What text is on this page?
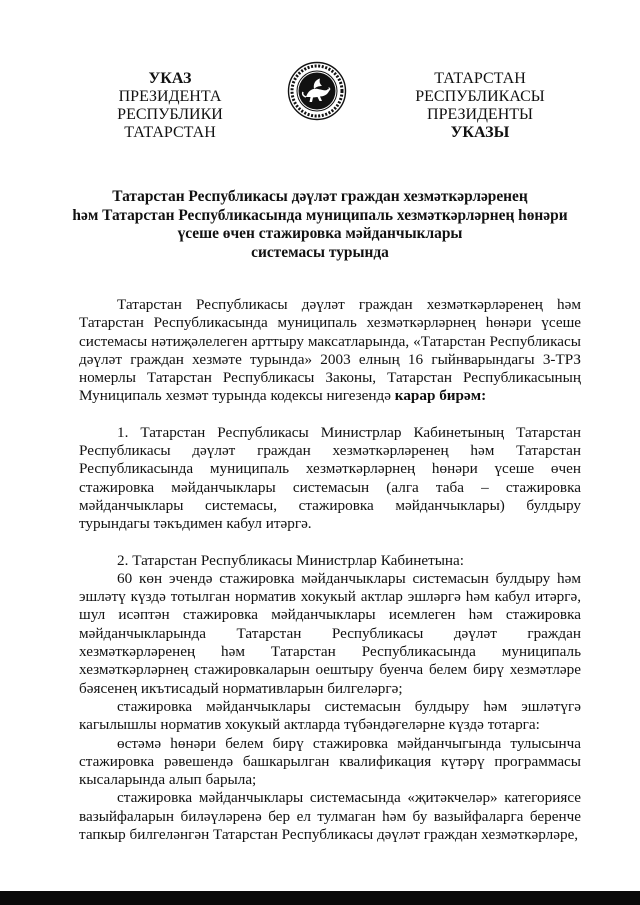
УКАЗ
ПРЕЗИДЕНТА
РЕСПУБЛИКИ ТАТАРСТАН
ТАТАРСТАН РЕСПУБЛИКАСЫ
ПРЕЗИДЕНТЫ
УКАЗЫ
Татарстан Республикасы дәүләт граждан хезмәткәрләренең
һәм Татарстан Республикасында муниципаль хезмәткәрләрнең һөнәри
үсеше өчен стажировка мәйданчыклары
системасы турында

Татарстан Республикасы дәүләт граждан хезмәткәрләренең һәм Татарстан Республикасында муниципаль хезмәткәрләрнең һөнәри үсеше системасы нәтиҗәлелеген арттыру максатларында, «Татарстан Республикасы дәүләт граждан хезмәте турында» 2003 елның 16 гыйнварындагы 3-ТРЗ номерлы Татарстан Республикасы Законы, Татарстан Республикасының Муниципаль хезмәт турында кодексы нигезендә карар бирәм:

1. Татарстан Республикасы Министрлар Кабинетының Татарстан Республикасы дәүләт граждан хезмәткәрләренең һәм Татарстан Республикасында муниципаль хезмәткәрләрнең һөнәри үсеше өчен стажировка мәйданчыклары системасын (алга таба – стажировка мәйданчыклары системасы, стажировка мәйданчыклары) булдыру турындагы тәкъдимен кабул итәргә.

2. Татарстан Республикасы Министрлар Кабинетына:

60 көн эчендә стажировка мәйданчыклары системасын булдыру һәм эшләтү күздә тотылган норматив хокукый актлар эшләргә һәм кабул итәргә, шул исәптән стажировка мәйданчыклары исемлеген һәм стажировка мәйданчыкларында Татарстан Республикасы дәүләт граждан хезмәткәрләренең һәм Татарстан Республикасында муниципаль хезмәткәрләрнең стажировкаларын оештыру буенча белем бирү хезмәтләре бәясенең икътисадый нормативларын билгеләргә;

стажировка мәйданчыклары системасын булдыру һәм эшләтүгә кагылышлы норматив хокукый актларда түбәндәгеләрне күздә тотарга:

өстәмә һөнәри белем бирү стажировка мәйданчыгында тулысынча стажировка рәвешендә башкарылган квалификация күтәрү программасы кысаларында алып барыла;

стажировка мәйданчыклары системасында «җитәкчеләр» категориясе вазыйфаларын биләүләренә бер ел тулмаган һәм бу вазыйфаларга беренче тапкыр билгеләнгән Татарстан Республикасы дәүләт граждан хезмәткәрләре,
